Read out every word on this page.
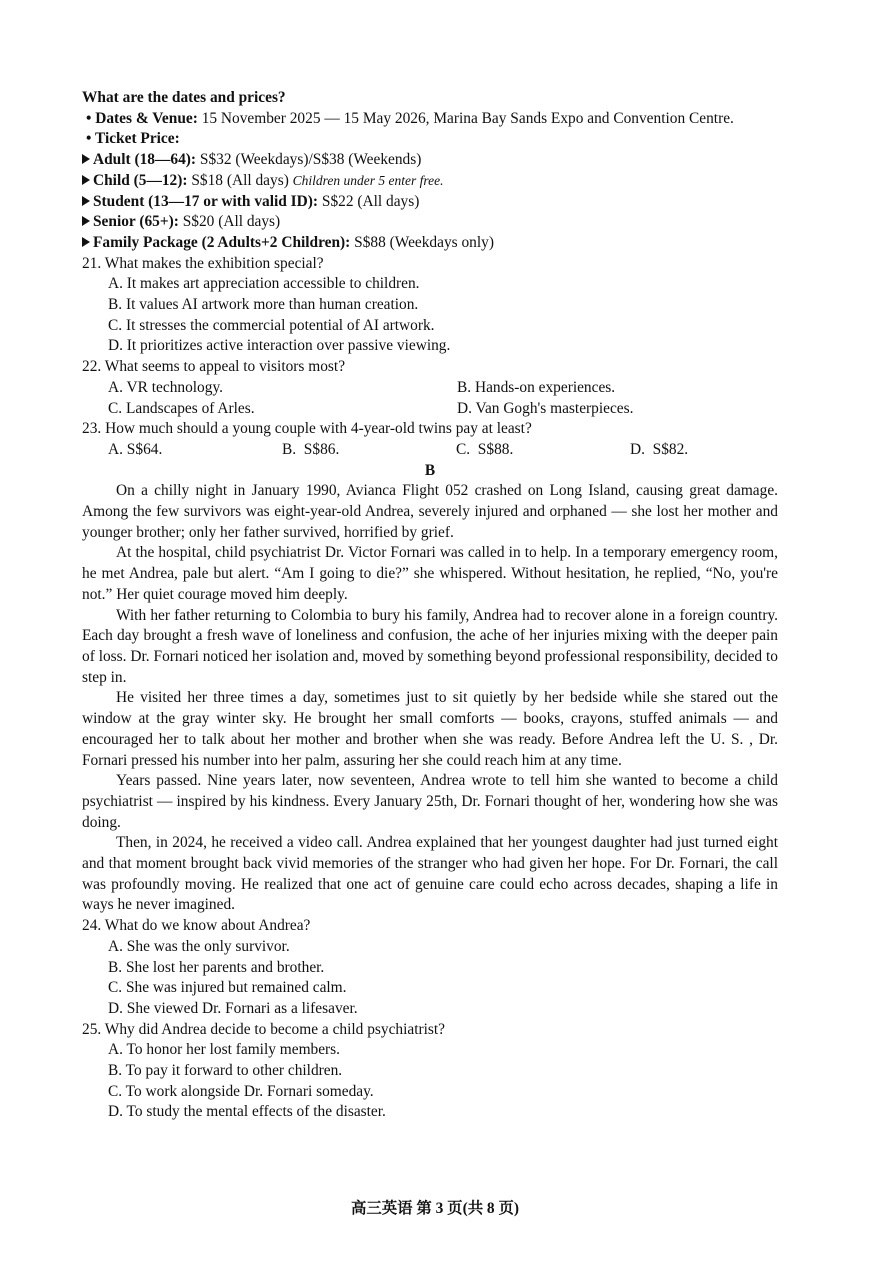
What are the dates and prices?
• Dates & Venue: 15 November 2025 — 15 May 2026, Marina Bay Sands Expo and Convention Centre.
• Ticket Price:
Adult (18—64): S$32 (Weekdays)/S$38 (Weekends)
Child (5—12): S$18 (All days) Children under 5 enter free.
Student (13—17 or with valid ID): S$22 (All days)
Senior (65+): S$20 (All days)
Family Package (2 Adults+2 Children): S$88 (Weekdays only)
21. What makes the exhibition special?
A. It makes art appreciation accessible to children.
B. It values AI artwork more than human creation.
C. It stresses the commercial potential of AI artwork.
D. It prioritizes active interaction over passive viewing.
22. What seems to appeal to visitors most?
A. VR technology.	B. Hands-on experiences.
C. Landscapes of Arles.	D. Van Gogh's masterpieces.
23. How much should a young couple with 4-year-old twins pay at least?
A. S$64.	B.  S$86.	C.  S$88.	D.  S$82.
B
On a chilly night in January 1990, Avianca Flight 052 crashed on Long Island, causing great damage. Among the few survivors was eight-year-old Andrea, severely injured and orphaned — she lost her mother and younger brother; only her father survived, horrified by grief.
At the hospital, child psychiatrist Dr. Victor Fornari was called in to help. In a temporary emergency room, he met Andrea, pale but alert. “Am I going to die?” she whispered. Without hesitation, he replied, “No, you're not.” Her quiet courage moved him deeply.
With her father returning to Colombia to bury his family, Andrea had to recover alone in a foreign country. Each day brought a fresh wave of loneliness and confusion, the ache of her injuries mixing with the deeper pain of loss. Dr. Fornari noticed her isolation and, moved by something beyond professional responsibility, decided to step in.
He visited her three times a day, sometimes just to sit quietly by her bedside while she stared out the window at the gray winter sky. He brought her small comforts — books, crayons, stuffed animals — and encouraged her to talk about her mother and brother when she was ready. Before Andrea left the U. S. , Dr. Fornari pressed his number into her palm, assuring her she could reach him at any time.
Years passed. Nine years later, now seventeen, Andrea wrote to tell him she wanted to become a child psychiatrist — inspired by his kindness. Every January 25th, Dr. Fornari thought of her, wondering how she was doing.
Then, in 2024, he received a video call. Andrea explained that her youngest daughter had just turned eight and that moment brought back vivid memories of the stranger who had given her hope. For Dr. Fornari, the call was profoundly moving. He realized that one act of genuine care could echo across decades, shaping a life in ways he never imagined.
24. What do we know about Andrea?
A. She was the only survivor.
B. She lost her parents and brother.
C. She was injured but remained calm.
D. She viewed Dr. Fornari as a lifesaver.
25. Why did Andrea decide to become a child psychiatrist?
A. To honor her lost family members.
B. To pay it forward to other children.
C. To work alongside Dr. Fornari someday.
D. To study the mental effects of the disaster.
高三英语 第 3 页(共 8 页)
